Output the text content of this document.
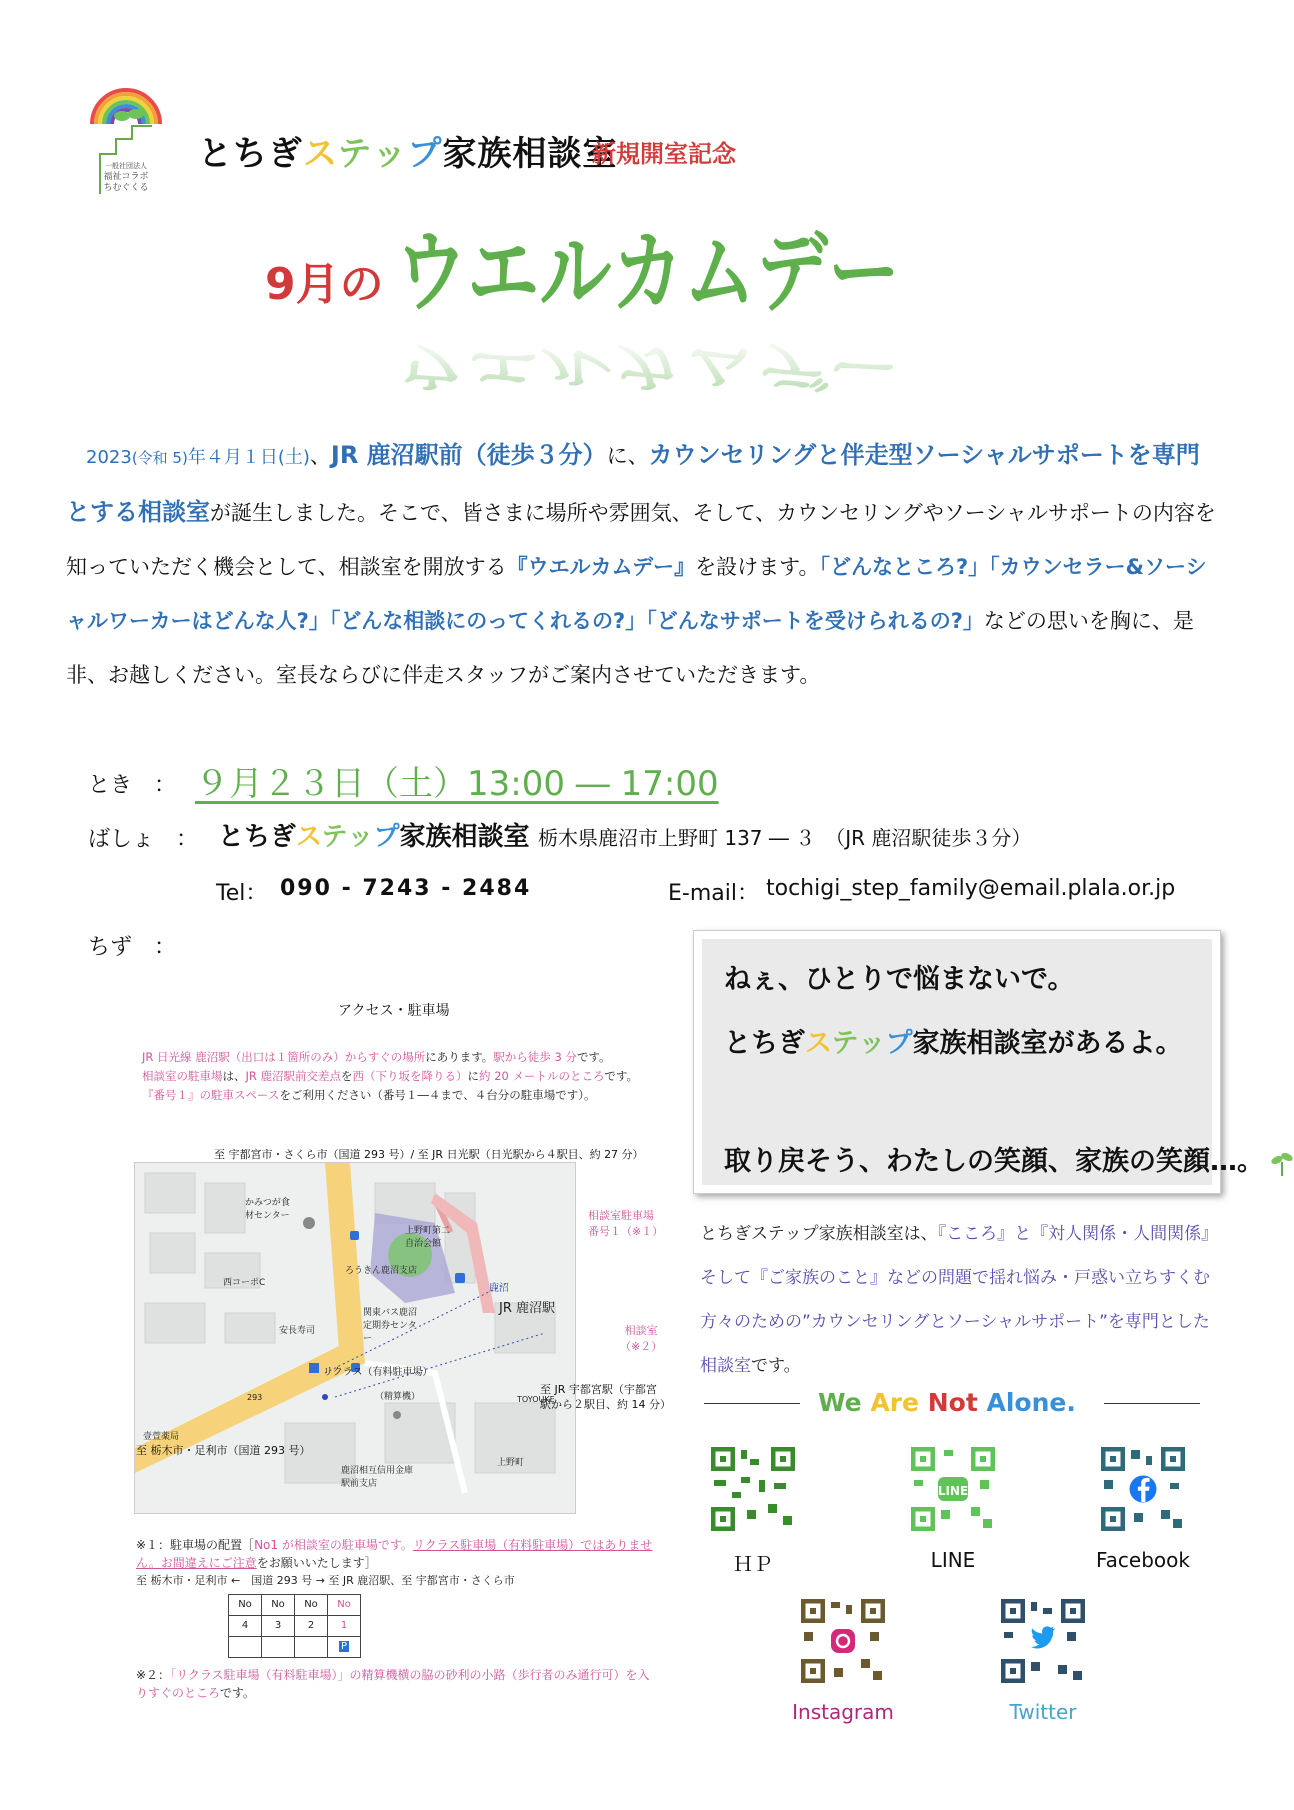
一般社団法人
福祉コラボ
ちむぐくる
とちぎステップ家族相談室
新規開室記念
9月の ウエルカムデー
ウエルカムデー
2023(令和 5)年４月１日(土)、JR 鹿沼駅前（徒歩３分）に、カウンセリングと伴走型ソーシャルサポートを専門とする相談室が誕生しました。そこで、皆さまに場所や雰囲気、そして、カウンセリングやソーシャルサポートの内容を知っていただく機会として、相談室を開放する『ウエルカムデー』を設けます。「どんなところ?」「カウンセラー&ソーシャルワーカーはどんな人?」「どんな相談にのってくれるの?」「どんなサポートを受けられるの?」などの思いを胸に、是非、お越しください。室長ならびに伴走スタッフがご案内させていただきます。
とき　： ９月２３日（土）13:00 ― 17:00
ばしょ　： とちぎステップ家族相談室 栃木県鹿沼市上野町 137 ― ３　（JR 鹿沼駅徒歩３分）
Tel： 090 - 7243 - 2484	E-mail： tochigi_step_family@email.plala.or.jp
ちず　：
アクセス・駐車場
JR 日光線 鹿沼駅（出口は１箇所のみ）からすぐの場所にあります。駅から徒歩 3 分です。
相談室の駐車場は、JR 鹿沼駅前交差点を西（下り坂を降りる）に約 20 メートルのところです。
『番号１』の駐車スペースをご利用ください（番号１―４まで、４台分の駐車場です）。
至 宇都宮市・さくら市（国道 293 号）/ 至 JR 日光駅（日光駅から４駅目、約 27 分）
かみつが食材センター
上野町第二自治会館
ろうきん鹿沼支店
関東バス鹿沼定期券センター
西コーポC
安長寿司
壹萱薬局
JR 鹿沼駅
鹿沼
リクラス（有料駐車場）
（精算機）
鹿沼相互信用金庫駅前支店
上野町
TOYOUKE
293
相談室駐車場
番号１（※１）
相談室
（※２）
至 JR 宇都宮駅（宇都宮
駅から２駅目、約 14 分）
至 栃木市・足利市（国道 293 号）
※１：駐車場の配置［No1 が相談室の駐車場です。リクラス駐車場（有料駐車場）ではありません。お間違えにご注意をお願いいたします］
至 栃木市・足利市 ←　国道 293 号 → 至 JR 鹿沼駅、至 宇都宮市・さくら市
No	No	No	No
4	3	2	1
			P
※２：「リクラス駐車場（有料駐車場）」の精算機横の脇の砂利の小路（歩行者のみ通行可）を入りすぐのところです。
ねぇ、ひとりで悩まないで。
とちぎステップ家族相談室があるよ。
取り戻そう、わたしの笑顔、家族の笑顔…。
とちぎステップ家族相談室は、『こころ』と『対人関係・人間関係』そして『ご家族のこと』などの問題で揺れ悩み・戸惑い立ちすくむ方々のための”カウンセリングとソーシャルサポート”を専門とした相談室です。
We Are Not Alone.
ＨＰ
LINE
LINE	Facebook
Instagram	Twitter
